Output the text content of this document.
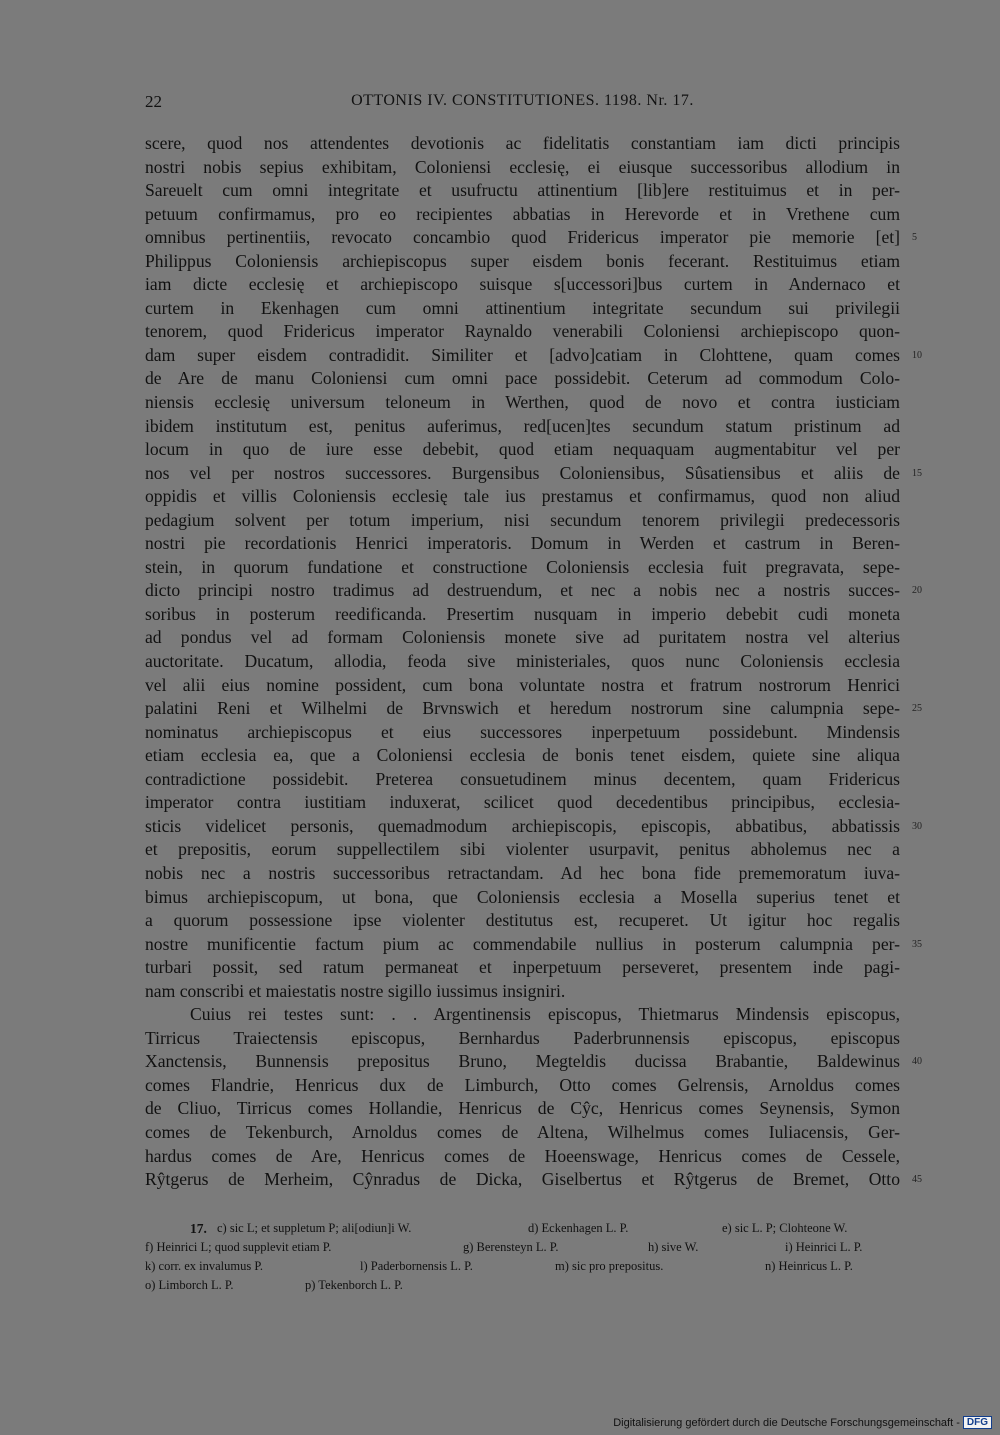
22	OTTONIS IV. CONSTITUTIONES. 1198. Nr. 17.
scere, quod nos attendentes devotionis ac fidelitatis constantiam iam dicti principis
nostri nobis sepius exhibitam, Coloniensi ecclesię, ei eiusque successoribus allodium in
Sareuelt cum omni integritate et usufructu attinentium [lib]ere restituimus et in per-
petuum confirmamus, pro eo recipientes abbatias in Herevorde et in Vrethene cum
omnibus pertinentiis, revocato concambio quod Fridericus imperator pie memorie [et]
Philippus Coloniensis archiepiscopus super eisdem bonis fecerant. Restituimus etiam
iam dicte ecclesię et archiepiscopo suisque s[uccessori]bus curtem in Andernaco et
curtem in Ekenhagen cum omni attinentium integritate secundum sui privilegii
tenorem, quod Fridericus imperator Raynaldo venerabili Coloniensi archiepiscopo quon-
dam super eisdem contradidit. Similiter et [advo]catiam in Clohttene, quam comes
de Are de manu Coloniensi cum omni pace possidebit. Ceterum ad commodum Colo-
niensis ecclesię universum teloneum in Werthen, quod de novo et contra iusticiam
ibidem institutum est, penitus auferimus, red[ucen]tes secundum statum pristinum ad
locum in quo de iure esse debebit, quod etiam nequaquam augmentabitur vel per
nos vel per nostros successores. Burgensibus Coloniensibus, Sûsatiensibus et aliis de
oppidis et villis Coloniensis ecclesię tale ius prestamus et confirmamus, quod non aliud
pedagium solvent per totum imperium, nisi secundum tenorem privilegii predecessoris
nostri pie recordationis Henrici imperatoris. Domum in Werden et castrum in Beren-
stein, in quorum fundatione et constructione Coloniensis ecclesia fuit pregravata, sepe-
dicto principi nostro tradimus ad destruendum, et nec a nobis nec a nostris succes-
soribus in posterum reedificanda. Presertim nusquam in imperio debebit cudi moneta
ad pondus vel ad formam Coloniensis monete sive ad puritatem nostra vel alterius
auctoritate. Ducatum, allodia, feoda sive ministeriales, quos nunc Coloniensis ecclesia
vel alii eius nomine possident, cum bona voluntate nostra et fratrum nostrorum Henrici
palatini Reni et Wilhelmi de Brvnswich et heredum nostrorum sine calumpnia sepe-
nominatus archiepiscopus et eius successores inperpetuum possidebunt. Mindensis
etiam ecclesia ea, que a Coloniensi ecclesia de bonis tenet eisdem, quiete sine aliqua
contradictione possidebit. Preterea consuetudinem minus decentem, quam Fridericus
imperator contra iustitiam induxerat, scilicet quod decedentibus principibus, ecclesia-
sticis videlicet personis, quemadmodum archiepiscopis, episcopis, abbatibus, abbatissis
et prepositis, eorum suppellectilem sibi violenter usurpavit, penitus abholemus nec a
nobis nec a nostris successoribus retractandam. Ad hec bona fide prememoratum iuva-
bimus archiepiscopum, ut bona, que Coloniensis ecclesia a Mosella superius tenet et
a quorum possessione ipse violenter destitutus est, recuperet. Ut igitur hoc regalis
nostre munificentie factum pium ac commendabile nullius in posterum calumpnia per-
turbari possit, sed ratum permaneat et inperpetuum perseveret, presentem inde pagi-
nam conscribi et maiestatis nostre sigillo iussimus insigniri.
Cuius rei testes sunt: . . Argentinensis episcopus, Thietmarus Mindensis episcopus,
Tirricus Traiectensis episcopus, Bernhardus Paderbrunnensis episcopus, episcopus
Xanctensis, Bunnensis prepositus Bruno, Megteldis ducissa Brabantie, Baldewinus
comes Flandrie, Henricus dux de Limburch, Otto comes Gelrensis, Arnoldus comes
de Cliuo, Tirricus comes Hollandie, Henricus de Cŷc, Henricus comes Seynensis, Symon
comes de Tekenburch, Arnoldus comes de Altena, Wilhelmus comes Iuliacensis, Ger-
hardus comes de Are, Henricus comes de Hoeenswage, Henricus comes de Cessele,
Rŷtgerus de Merheim, Cŷnradus de Dicka, Giselbertus et Rŷtgerus de Bremet, Otto
5
10
15
20
25
30
35
40
45
17. c) sic L; et suppletum P; ali[odiun]i W.	d) Eckenhagen L. P.	e) sic L. P; Clohteone W.
f) Heinrici L; quod supplevit etiam P.	g) Berensteyn L. P.	h) sive W.	i) Heinrici L. P.
k) corr. ex invalumus P.	l) Paderbornensis L. P.	m) sic pro prepositus.	n) Heinricus L. P.
o) Limborch L. P.	p) Tekenborch L. P.
Digitalisierung gefördert durch die Deutsche Forschungsgemeinschaft - DFG
